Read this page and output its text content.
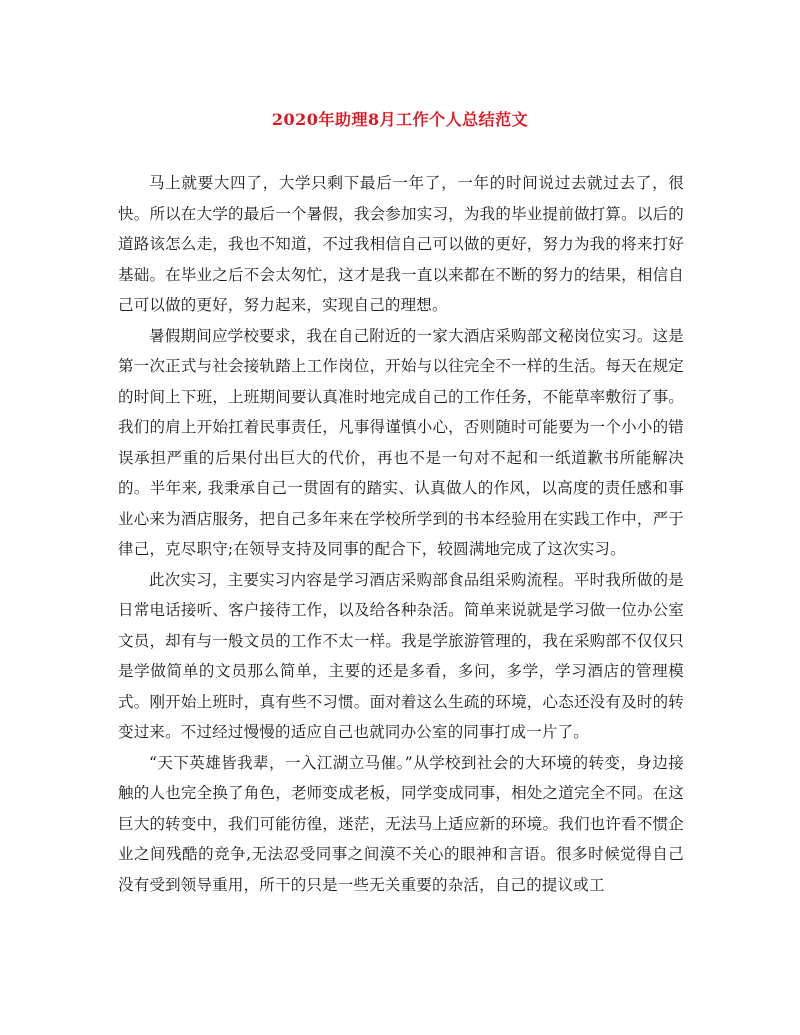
2020年助理8月工作个人总结范文

马上就要大四了，大学只剩下最后一年了，一年的时间说过去就过去了，很快。所以在大学的最后一个暑假，我会参加实习，为我的毕业提前做打算。以后的道路该怎么走，我也不知道，不过我相信自己可以做的更好，努力为我的将来打好基础。在毕业之后不会太匆忙，这才是我一直以来都在不断的努力的结果，相信自己可以做的更好，努力起来，实现自己的理想。

暑假期间应学校要求，我在自己附近的一家大酒店采购部文秘岗位实习。这是第一次正式与社会接轨踏上工作岗位，开始与以往完全不一样的生活。每天在规定的时间上下班，上班期间要认真准时地完成自己的工作任务，不能草率敷衍了事。我们的肩上开始扛着民事责任，凡事得谨慎小心，否则随时可能要为一个小小的错误承担严重的后果付出巨大的代价，再也不是一句对不起和一纸道歉书所能解决的。半年来, 我秉承自己一贯固有的踏实、认真做人的作风，以高度的责任感和事业心来为酒店服务，把自己多年来在学校所学到的书本经验用在实践工作中，严于律己，克尽职守;在领导支持及同事的配合下，较圆满地完成了这次实习。

此次实习，主要实习内容是学习酒店采购部食品组采购流程。平时我所做的是日常电话接听、客户接待工作，以及给各种杂活。简单来说就是学习做一位办公室文员，却有与一般文员的工作不太一样。我是学旅游管理的，我在采购部不仅仅只是学做简单的文员那么简单，主要的还是多看，多问，多学，学习酒店的管理模式。刚开始上班时，真有些不习惯。面对着这么生疏的环境，心态还没有及时的转变过来。不过经过慢慢的适应自己也就同办公室的同事打成一片了。

“天下英雄皆我辈，一入江湖立马催。”从学校到社会的大环境的转变，身边接触的人也完全换了角色，老师变成老板，同学变成同事，相处之道完全不同。在这巨大的转变中，我们可能彷徨，迷茫，无法马上适应新的环境。我们也许看不惯企业之间残酷的竞争,无法忍受同事之间漠不关心的眼神和言语。很多时候觉得自己没有受到领导重用，所干的只是一些无关重要的杂活，自己的提议或工
